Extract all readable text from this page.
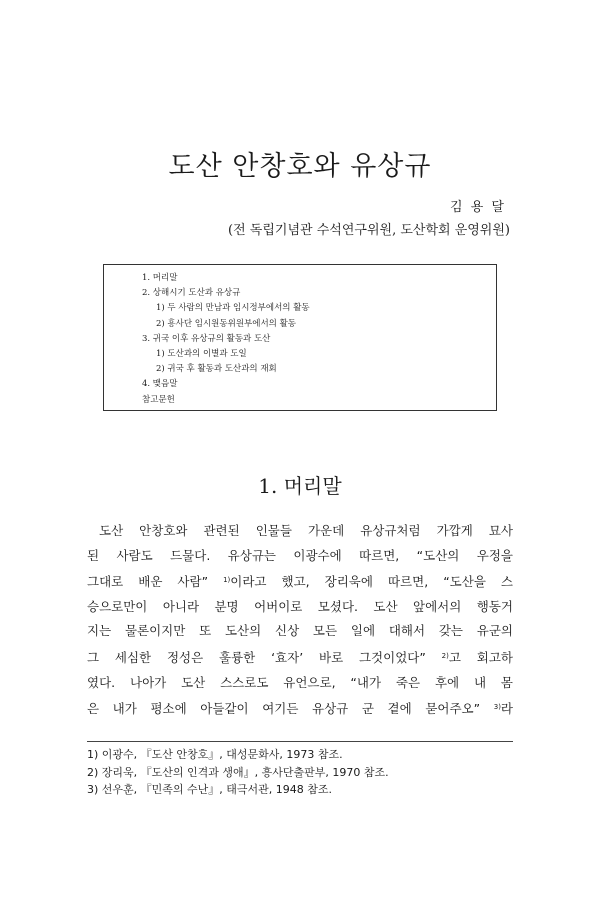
도산 안창호와 유상규
김 용 달
(전 독립기념관 수석연구위원, 도산학회 운영위원)
1. 머리말
2. 상해시기 도산과 유상규
1) 두 사람의 만남과 임시정부에서의 활동
2) 흥사단 임시원동위원부에서의 활동
3. 귀국 이후 유상규의 활동과 도산
1) 도산과의 이별과 도일
2) 귀국 후 활동과 도산과의 재회
4. 맺음말
참고문헌
1. 머리말

도산 안창호와 관련된 인물들 가운데 유상규처럼 가깝게 묘사

된 사람도 드물다. 유상규는 이광수에 따르면, “도산의 우정을

그대로 배운 사람” $^{1)}$이라고 했고, 장리욱에 따르면, “도산을 스

승으로만이 아니라 분명 어버이로 모셨다. 도산 앞에서의 행동거

지는 물론이지만 또 도산의 신상 모든 일에 대해서 갖는 유군의

그 세심한 정성은 훌륭한 ‘효자’ 바로 그것이었다” $^{2)}$고 회고하

였다. 나아가 도산 스스로도 유언으로, “내가 죽은 후에 내 몸

은 내가 평소에 아들같이 여기든 유상규 군 곁에 묻어주오” $^{3)}$라

1) 이광수, 『도산 안창호』, 대성문화사, 1973 참조.
2) 장리욱, 『도산의 인격과 생애』, 흥사단출판부, 1970 참조.
3) 선우훈, 『민족의 수난』, 태극서관, 1948 참조.
